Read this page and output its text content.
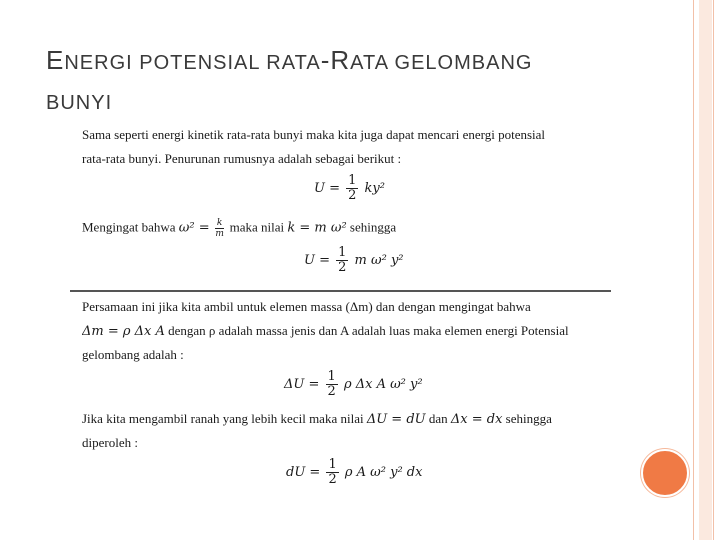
ENERGI POTENSIAL RATA-RATA GELOMBANG
BUNYI
Sama seperti energi kinetik rata-rata bunyi maka kita juga dapat mencari energi potensial
rata-rata bunyi. Penurunan rumusnya adalah sebagai berikut :
$U = \frac{1}{2} ky^2$
Mengingat bahwa $\omega^2 = \frac{k}{m}$ maka nilai k = m ω² sehingga
$U = \frac{1}{2}$ m ω² y²
Persamaan ini jika kita ambil untuk elemen massa (Δm) dan dengan mengingat bahwa
Δm = ρ Δx A dengan ρ adalah massa jenis dan A adalah luas maka elemen energi Potensial
gelombang adalah :
$\Delta U = \frac{1}{2}$ ρ Δx A ω² y²
Jika kita mengambil ranah yang lebih kecil maka nilai ΔU = dU dan Δx = dx sehingga
diperoleh :
dU = $\frac{1}{2}$ ρ A ω² y² dx
